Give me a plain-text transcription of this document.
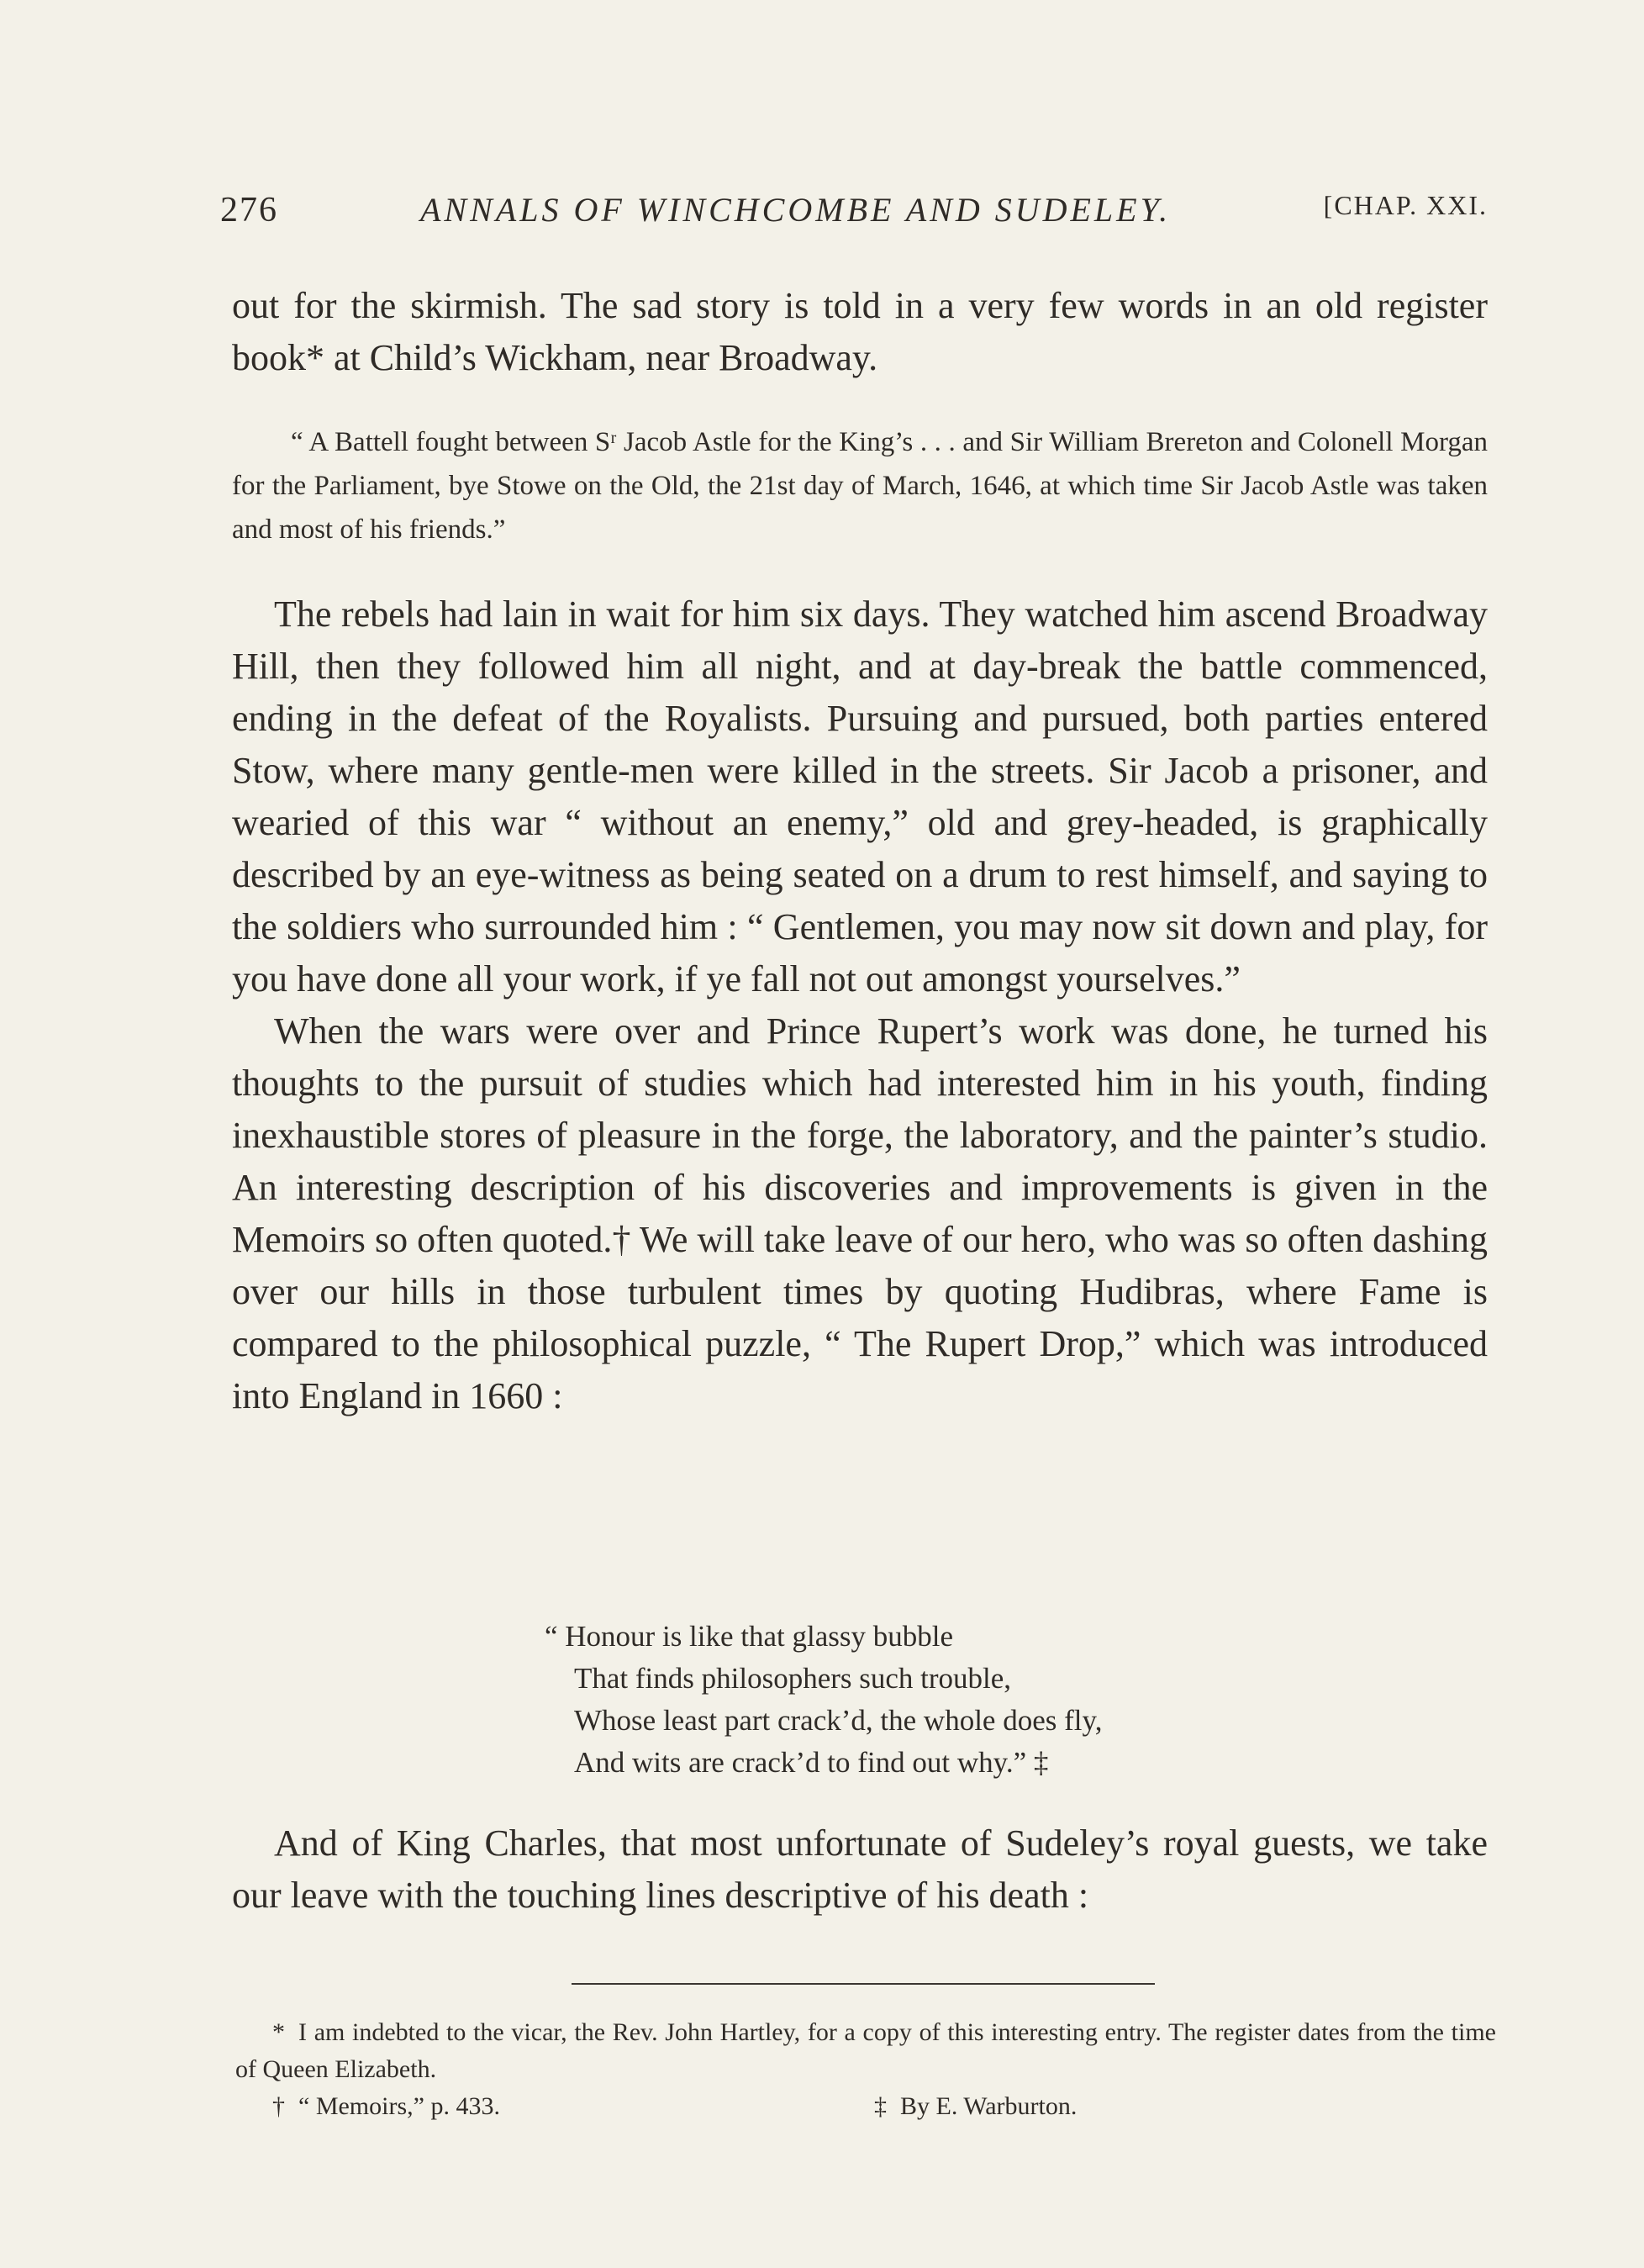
276	ANNALS OF WINCHCOMBE AND SUDELEY.	[CHAP. XXI.

out for the skirmish. The sad story is told in a very few words in an old register book* at Child’s Wickham, near Broadway.

“ A Battell fought between Sʳ Jacob Astle for the King’s . . . and Sir William Brereton and Colonell Morgan for the Parliament, bye Stowe on the Old, the 21st day of March, 1646, at which time Sir Jacob Astle was taken and most of his friends.”

The rebels had lain in wait for him six days. They watched him ascend Broadway Hill, then they followed him all night, and at day-break the battle commenced, ending in the defeat of the Royalists. Pursuing and pursued, both parties entered Stow, where many gentle-men were killed in the streets. Sir Jacob a prisoner, and wearied of this war “ without an enemy,” old and grey-headed, is graphically described by an eye-witness as being seated on a drum to rest himself, and saying to the soldiers who surrounded him : “ Gentlemen, you may now sit down and play, for you have done all your work, if ye fall not out amongst yourselves.”

When the wars were over and Prince Rupert’s work was done, he turned his thoughts to the pursuit of studies which had interested him in his youth, finding inexhaustible stores of pleasure in the forge, the laboratory, and the painter’s studio. An interesting description of his discoveries and improvements is given in the Memoirs so often quoted.† We will take leave of our hero, who was so often dashing over our hills in those turbulent times by quoting Hudibras, where Fame is compared to the philosophical puzzle, “ The Rupert Drop,” which was introduced into England in 1660 :

“ Honour is like that glassy bubble
That finds philosophers such trouble,
Whose least part crack’d, the whole does fly,
And wits are crack’d to find out why.” ‡

And of King Charles, that most unfortunate of Sudeley’s royal guests, we take our leave with the touching lines descriptive of his death :

* I am indebted to the vicar, the Rev. John Hartley, for a copy of this interesting entry. The register dates from the time of Queen Elizabeth.

† “ Memoirs,” p. 433.	‡ By E. Warburton.
